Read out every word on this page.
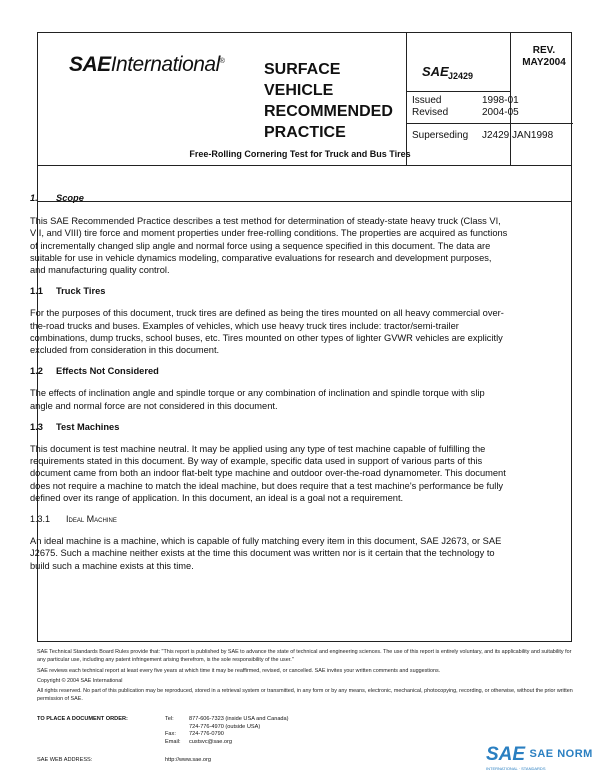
SAEInternational® SURFACE
VEHICLE
RECOMMENDED
PRACTICE
SAE J2429
REV.
MAY2004
Issued	1998-01
Revised	2004-05
Superseding J2429 JAN1998
Free-Rolling Cornering Test for Truck and Bus Tires
1. Scope

This SAE Recommended Practice describes a test method for determination of steady-state heavy truck (Class VI, VII, and VIII) tire force and moment properties under free-rolling conditions. The properties are acquired as functions of incrementally changed slip angle and normal force using a sequence specified in this document. The data are suitable for use in vehicle dynamics modeling, comparative evaluations for research and development purposes, and manufacturing quality control.

1.1 Truck Tires

For the purposes of this document, truck tires are defined as being the tires mounted on all heavy commercial over-the-road trucks and buses. Examples of vehicles, which use heavy truck tires include: tractor/semi-trailer combinations, dump trucks, school buses, etc. Tires mounted on other types of lighter GVWR vehicles are explicitly excluded from consideration in this document.

1.2 Effects Not Considered

The effects of inclination angle and spindle torque or any combination of inclination and spindle torque with slip angle and normal force are not considered in this document.

1.3 Test Machines

This document is test machine neutral. It may be applied using any type of test machine capable of fulfilling the requirements stated in this document. By way of example, specific data used in support of various parts of this document came from both an indoor flat-belt type machine and outdoor over-the-road dynamometer. This document does not require a machine to match the ideal machine, but does require that a test machine's performance be fully defined over its range of application. In this document, an ideal is a goal not a requirement.

1.3.1 Ideal Machine

An ideal machine is a machine, which is capable of fully matching every item in this document, SAE J2673, or SAE J2675. Such a machine neither exists at the time this document was written nor is it certain that the technology to build such a machine exists at this time.

SAE Technical Standards Board Rules provide that: "This report is published by SAE to advance the state of technical and engineering sciences. The use of this report is entirely voluntary, and its applicability and suitability for any particular use, including any patent infringement arising therefrom, is the sole responsibility of the user."

SAE reviews each technical report at least every five years at which time it may be reaffirmed, revised, or cancelled. SAE invites your written comments and suggestions.

Copyright © 2004 SAE International

All rights reserved. No part of this publication may be reproduced, stored in a retrieval system or transmitted, in any form or by any means, electronic, mechanical, photocopying, recording, or otherwise, without the prior written permission of SAE.

TO PLACE A DOCUMENT ORDER:	Tel:	877-606-7323 (inside USA and Canada)
724-776-4970 (outside USA)
Fax: 724-776-0790
Email: custsvc@sae.org
SAE WEB ADDRESS:	http://www.sae.org	SAE SAE NORM
INTERNATIONAL · STANDARDS
